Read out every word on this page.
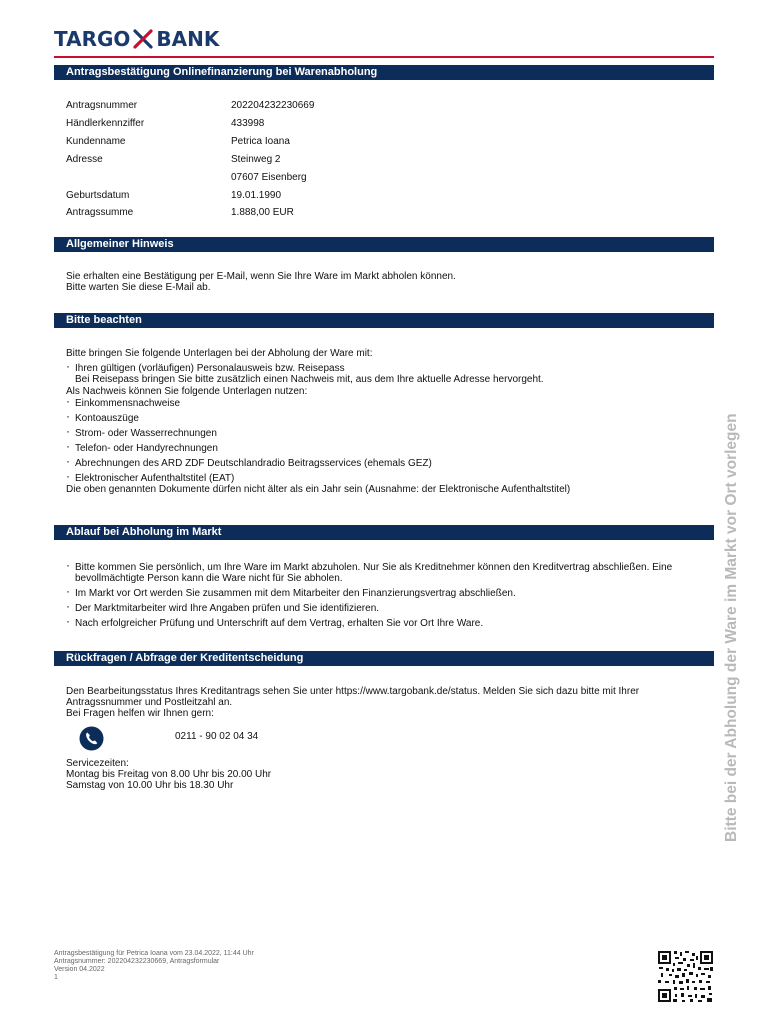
TARGO BANK
Antragsbestätigung Onlinefinanzierung bei Warenabholung
Antragsnummer	202204232230669
Händlerkennziffer	433998
Kundenname	Petrica Ioana
Adresse	Steinweg 2
07607 Eisenberg
Geburtsdatum	19.01.1990
Antragssumme	1.888,00 EUR
Allgemeiner Hinweis

Sie erhalten eine Bestätigung per E-Mail, wenn Sie Ihre Ware im Markt abholen können.

Bitte warten Sie diese E-Mail ab.

Bitte beachten

Bitte bringen Sie folgende Unterlagen bei der Abholung der Ware mit:

· Ihren gültigen (vorläufigen) Personalausweis bzw. Reisepass

Bei Reisepass bringen Sie bitte zusätzlich einen Nachweis mit, aus dem Ihre aktuelle Adresse hervorgeht.

Als Nachweis können Sie folgende Unterlagen nutzen:

· Einkommensnachweise

· Kontoauszüge

· Strom- oder Wasserrechnungen

· Telefon- oder Handyrechnungen

· Abrechnungen des ARD ZDF Deutschlandradio Beitragsservices (ehemals GEZ)

· Elektronischer Aufenthaltstitel (EAT)

Die oben genannten Dokumente dürfen nicht älter als ein Jahr sein (Ausnahme: der Elektronische Aufenthaltstitel)

Ablauf bei Abholung im Markt

· Bitte kommen Sie persönlich, um Ihre Ware im Markt abzuholen. Nur Sie als Kreditnehmer können den Kreditvertrag abschließen. Eine

bevollmächtigte Person kann die Ware nicht für Sie abholen.

· Im Markt vor Ort werden Sie zusammen mit dem Mitarbeiter den Finanzierungsvertrag abschließen.

· Der Marktmitarbeiter wird Ihre Angaben prüfen und Sie identifizieren.

· Nach erfolgreicher Prüfung und Unterschrift auf dem Vertrag, erhalten Sie vor Ort Ihre Ware.

Rückfragen / Abfrage der Kreditentscheidung

Den Bearbeitungsstatus Ihres Kreditantrags sehen Sie unter https://www.targobank.de/status. Melden Sie sich dazu bitte mit Ihrer

Antragssnummer und Postleitzahl an.

Bei Fragen helfen wir Ihnen gern:

0211 - 90 02 04 34

Servicezeiten:

Montag bis Freitag von 8.00 Uhr bis 20.00 Uhr

Samstag von 10.00 Uhr bis 18.30 Uhr	Bitte bei der Abholung der Ware im Markt vor Ort vorlegen

Antragsbestätigung für Petrica Ioana vom 23.04.2022, 11:44 Uhr

Antragsnummer: 202204232230669, Antragsformular

Version 04.2022

1
